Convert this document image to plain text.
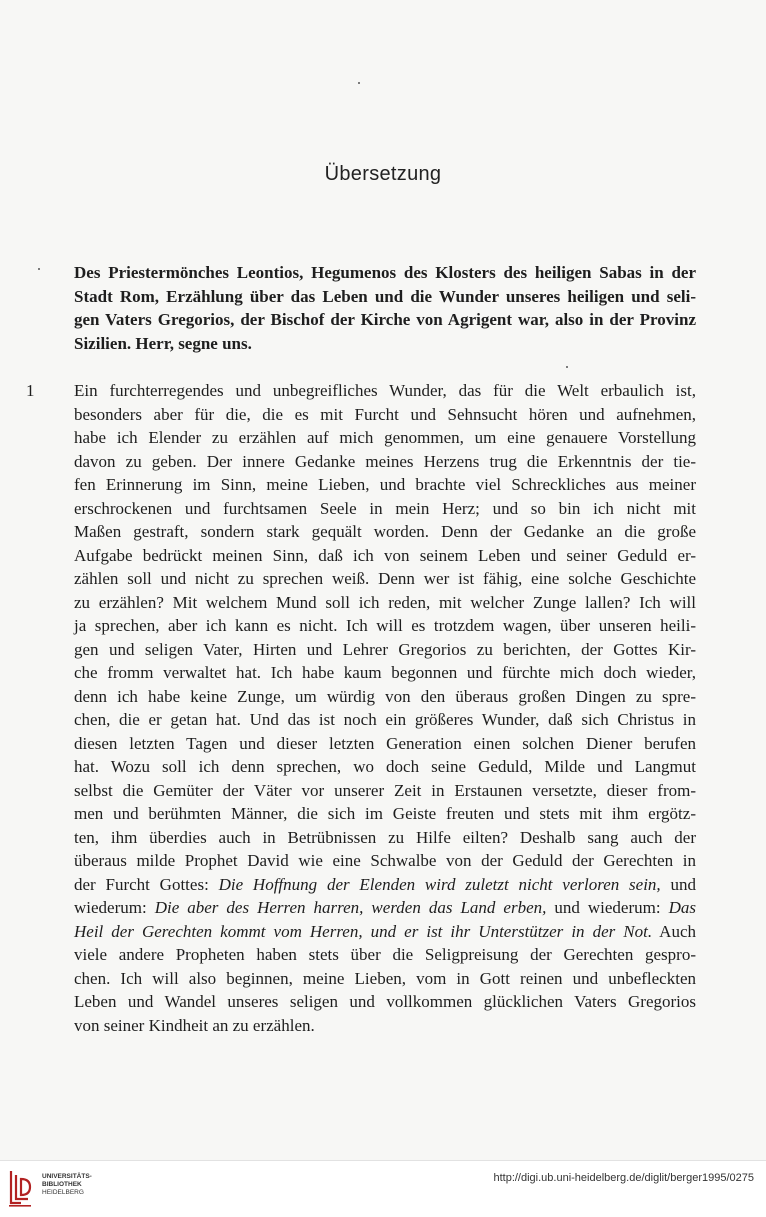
Übersetzung
Des Priestermönches Leontios, Hegumenos des Klosters des heiligen Sabas in der
Stadt Rom, Erzählung über das Leben und die Wunder unseres heiligen und seli-
gen Vaters Gregorios, der Bischof der Kirche von Agrigent war, also in der Provinz
Sizilien. Herr, segne uns.
1 Ein furchterregendes und unbegreifliches Wunder, das für die Welt erbaulich ist,
besonders aber für die, die es mit Furcht und Sehnsucht hören und aufnehmen,
habe ich Elender zu erzählen auf mich genommen, um eine genauere Vorstellung
davon zu geben. Der innere Gedanke meines Herzens trug die Erkenntnis der tie-
fen Erinnerung im Sinn, meine Lieben, und brachte viel Schreckliches aus meiner
erschrockenen und furchtsamen Seele in mein Herz; und so bin ich nicht mit
Maßen gestraft, sondern stark gequält worden. Denn der Gedanke an die große
Aufgabe bedrückt meinen Sinn, daß ich von seinem Leben und seiner Geduld er-
zählen soll und nicht zu sprechen weiß. Denn wer ist fähig, eine solche Geschichte
zu erzählen? Mit welchem Mund soll ich reden, mit welcher Zunge lallen? Ich will
ja sprechen, aber ich kann es nicht. Ich will es trotzdem wagen, über unseren heili-
gen und seligen Vater, Hirten und Lehrer Gregorios zu berichten, der Gottes Kir-
che fromm verwaltet hat. Ich habe kaum begonnen und fürchte mich doch wieder,
denn ich habe keine Zunge, um würdig von den überaus großen Dingen zu spre-
chen, die er getan hat. Und das ist noch ein größeres Wunder, daß sich Christus in
diesen letzten Tagen und dieser letzten Generation einen solchen Diener berufen
hat. Wozu soll ich denn sprechen, wo doch seine Geduld, Milde und Langmut
selbst die Gemüter der Väter vor unserer Zeit in Erstaunen versetzte, dieser from-
men und berühmten Männer, die sich im Geiste freuten und stets mit ihm ergötz-
ten, ihm überdies auch in Betrübnissen zu Hilfe eilten? Deshalb sang auch der
überaus milde Prophet David wie eine Schwalbe von der Geduld der Gerechten in
der Furcht Gottes: Die Hoffnung der Elenden wird zuletzt nicht verloren sein, und
wiederum: Die aber des Herren harren, werden das Land erben, und wiederum: Das
Heil der Gerechten kommt vom Herren, und er ist ihr Unterstützer in der Not. Auch
viele andere Propheten haben stets über die Seligpreisung der Gerechten gespro-
chen. Ich will also beginnen, meine Lieben, vom in Gott reinen und unbefleckten
Leben und Wandel unseres seligen und vollkommen glücklichen Vaters Gregorios
von seiner Kindheit an zu erzählen.
UNIVERSITÄTS-
BIBLIOTHEK
HEIDELBERG
http://digi.ub.uni-heidelberg.de/diglit/berger1995/0275
